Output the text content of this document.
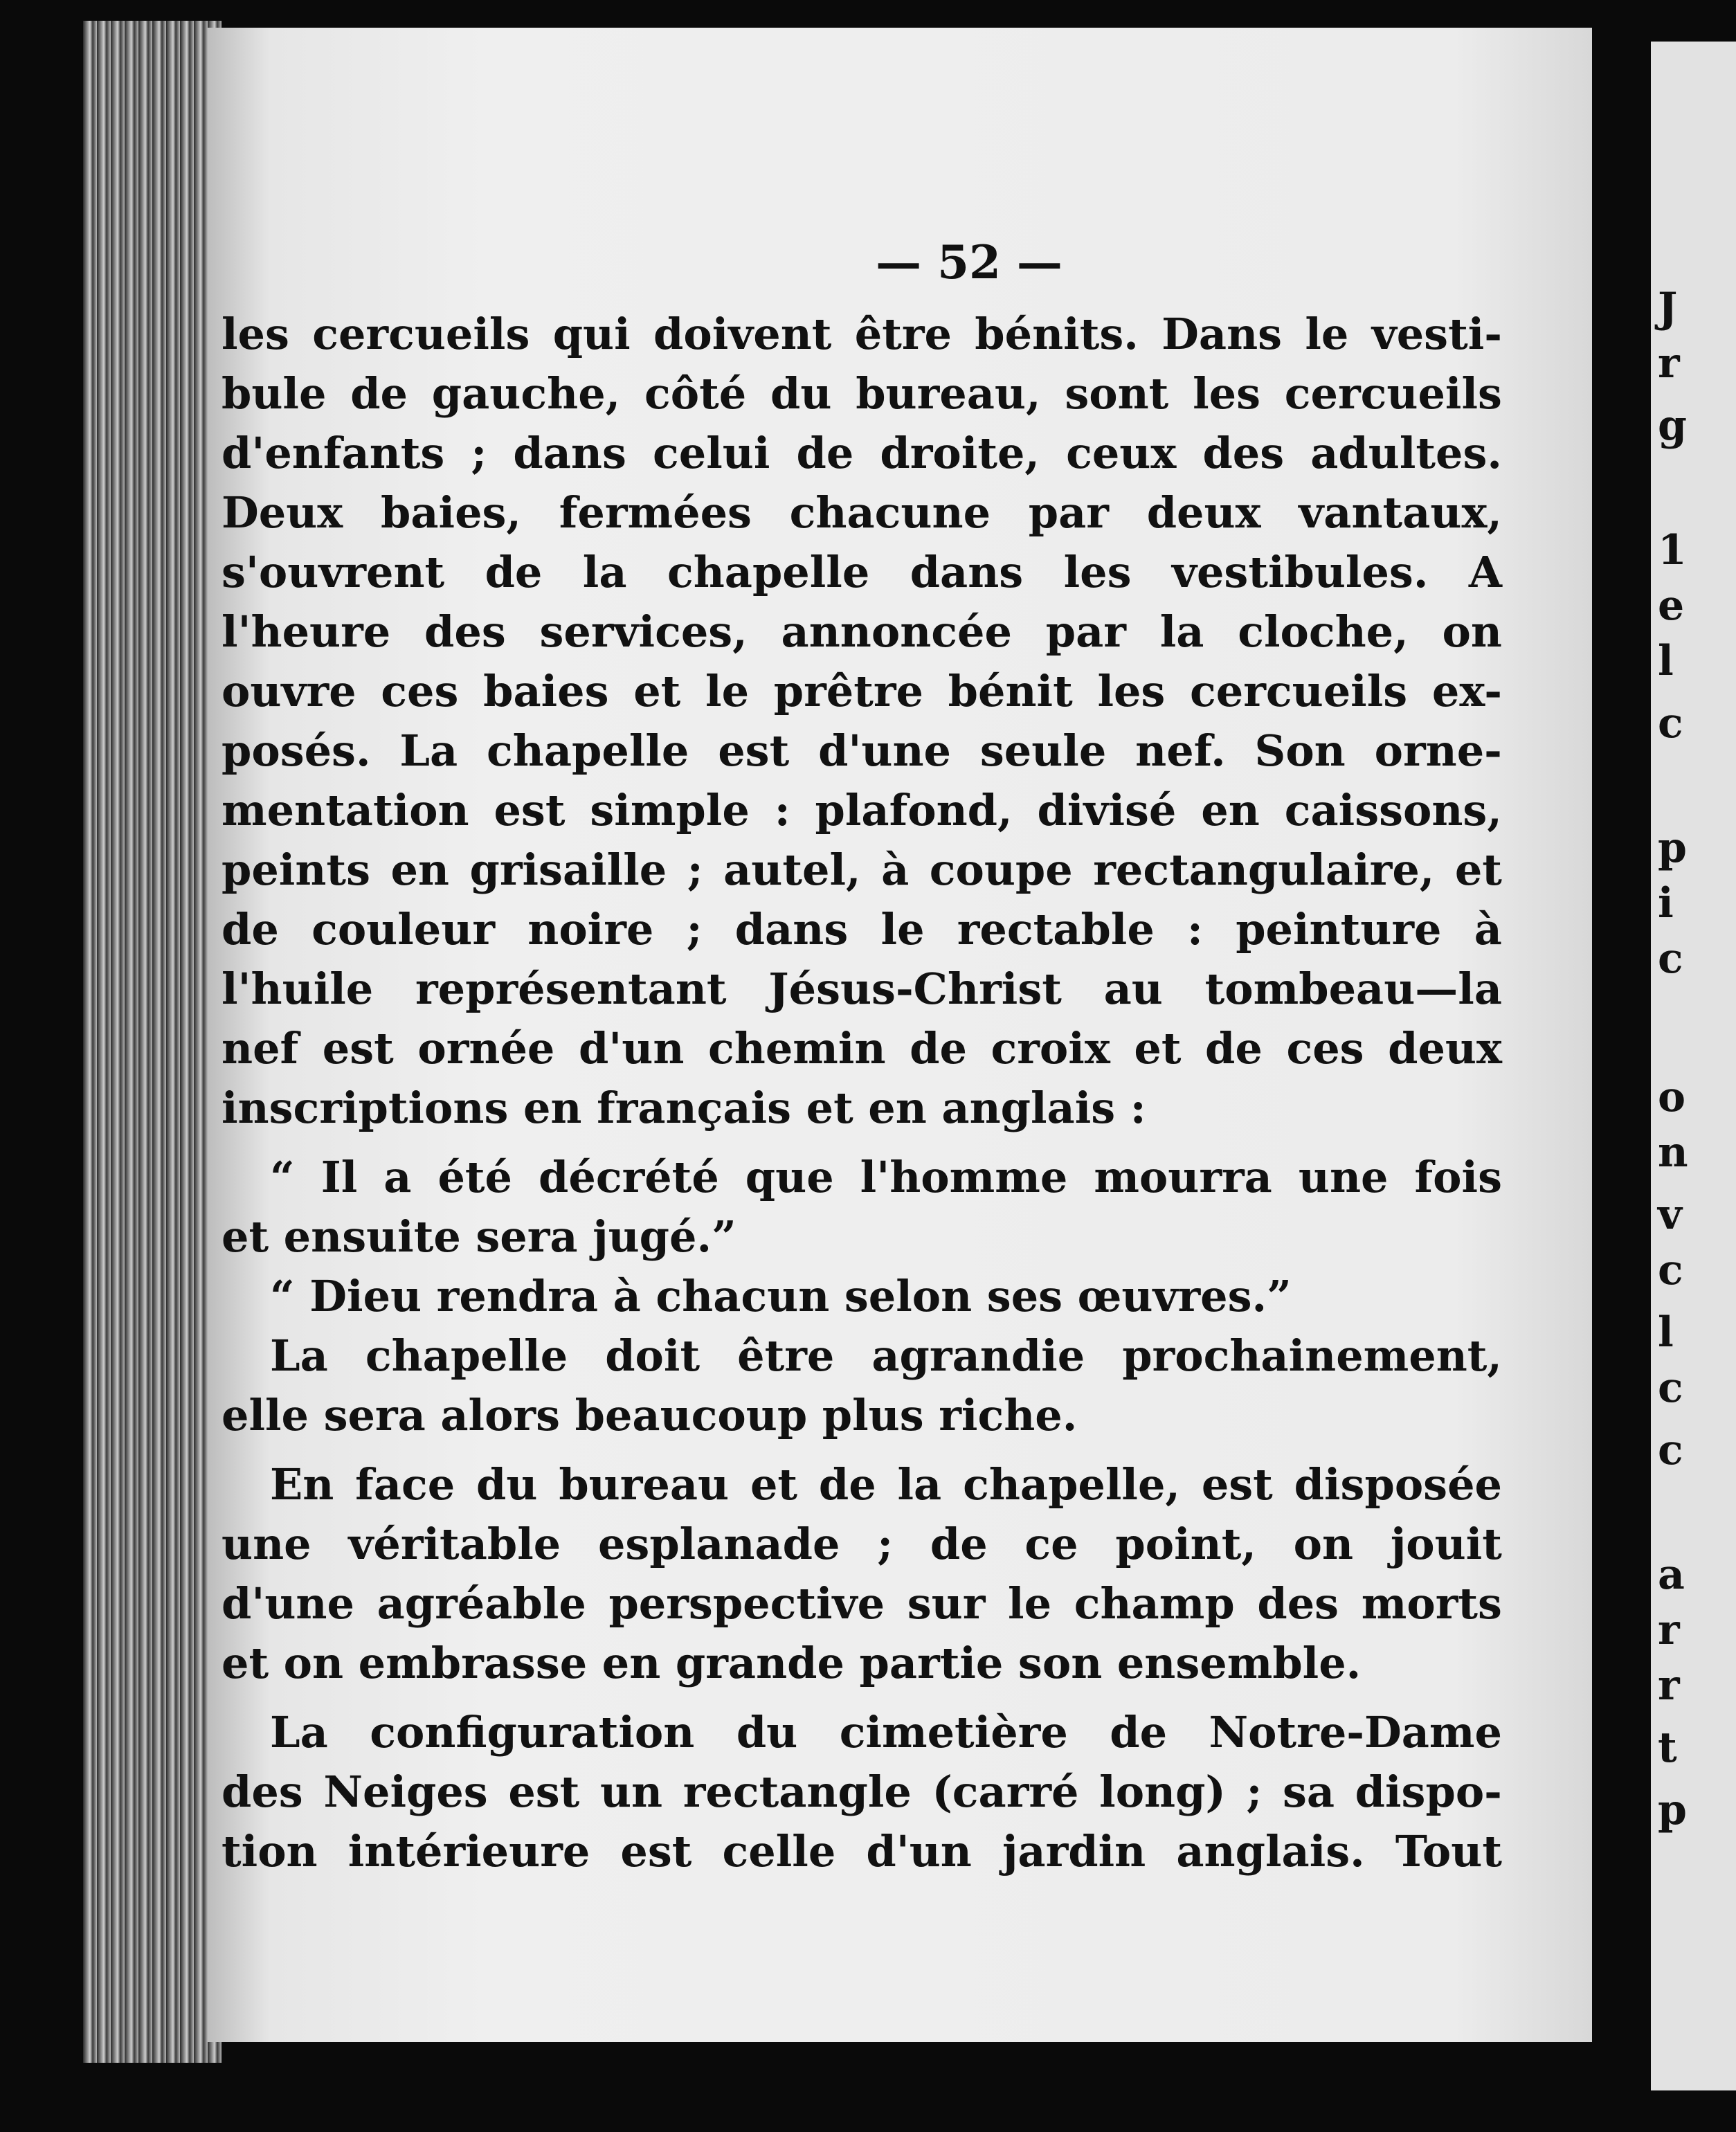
— 52 —
les cercueils qui doivent être bénits. Dans le vesti-
bule de gauche, côté du bureau, sont les cercueils
d'enfants ; dans celui de droite, ceux des adultes.
Deux baies, fermées chacune par deux vantaux,
s'ouvrent de la chapelle dans les vestibules. A
l'heure des services, annoncée par la cloche, on
ouvre ces baies et le prêtre bénit les cercueils ex-
posés. La chapelle est d'une seule nef. Son orne-
mentation est simple : plafond, divisé en caissons,
peints en grisaille ; autel, à coupe rectangulaire, et
de couleur noire ; dans le rectable : peinture à
l'huile représentant Jésus-Christ au tombeau—la
nef est ornée d'un chemin de croix et de ces deux
inscriptions en français et en anglais :
“ Il a été décrété que l'homme mourra une fois
et ensuite sera jugé.”
“ Dieu rendra à chacun selon ses œuvres.”
La chapelle doit être agrandie prochainement,
elle sera alors beaucoup plus riche.
En face du bureau et de la chapelle, est disposée
une véritable esplanade ; de ce point, on jouit
d'une agréable perspective sur le champ des morts
et on embrasse en grande partie son ensemble.
La configuration du cimetière de Notre-Dame
des Neiges est un rectangle (carré long) ; sa dispo-
tion intérieure est celle d'un jardin anglais. Tout
J
r
g
1
e
l
c
p
i
c
o
n
v
c
l
c
c
a
r
r
t
p
